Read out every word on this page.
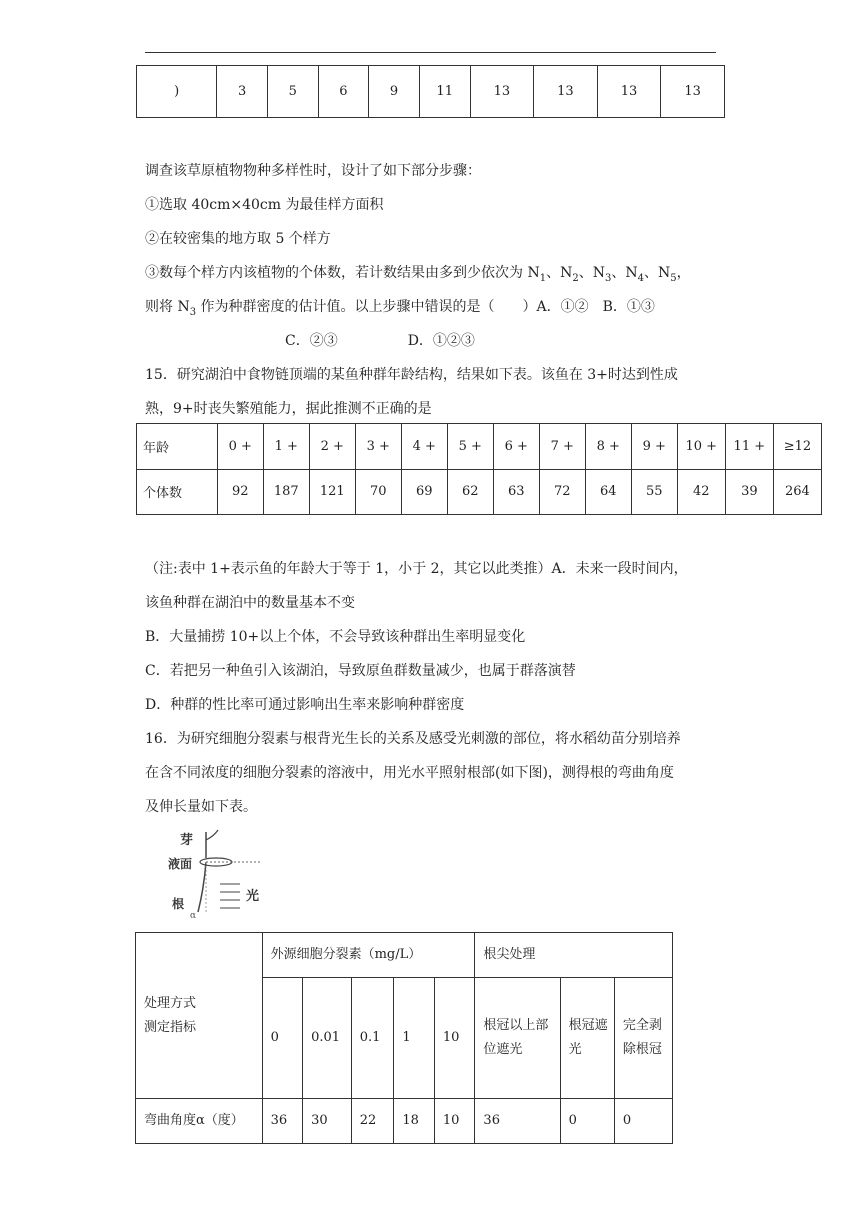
)	3	5	6	9	11	13	13	13	13
调查该草原植物物种多样性时，设计了如下部分步骤：
①选取 40cm×40cm 为最佳样方面积
②在较密集的地方取 5 个样方
③数每个样方内该植物的个体数，若计数结果由多到少依次为 $N_1$、$N_2$、$N_3$、$N_4$、$N_5$，
则将 $N_3$ 作为种群密度的估计值。以上步骤中错误的是（　　）A．①②　B．①③
C．②③　　　　　D．①②③
15．研究湖泊中食物链顶端的某鱼种群年龄结构，结果如下表。该鱼在 3+时达到性成
熟，9+时丧失繁殖能力，据此推测不正确的是
年龄	0 +	1 +	2 +	3 +	4 +	5 +	6 +	7 +	8 +	9 +	10 +	11 +	≥12
个体数	92	187	121	70	69	62	63	72	64	55	42	39	264
（注:表中 1+表示鱼的年龄大于等于 1，小于 2，其它以此类推）A．未来一段时间内，
该鱼种群在湖泊中的数量基本不变
B．大量捕捞 10+以上个体，不会导致该种群出生率明显变化
C．若把另一种鱼引入该湖泊，导致原鱼群数量减少，也属于群落演替
D．种群的性比率可通过影响出生率来影响种群密度
16．为研究细胞分裂素与根背光生长的关系及感受光刺激的部位，将水稻幼苗分别培养
在含不同浓度的细胞分裂素的溶液中，用光水平照射根部(如下图)，测得根的弯曲角度
及伸长量如下表。
芽
液面
光
根
α
处理方式
测定指标	外源细胞分裂素（mg/L）					根尖处理		
	0	0.01	0.1	1	10	根冠以上部位遮光	根冠遮光	完全剥除根冠
弯曲角度α（度）	36	30	22	18	10	36	0	0
